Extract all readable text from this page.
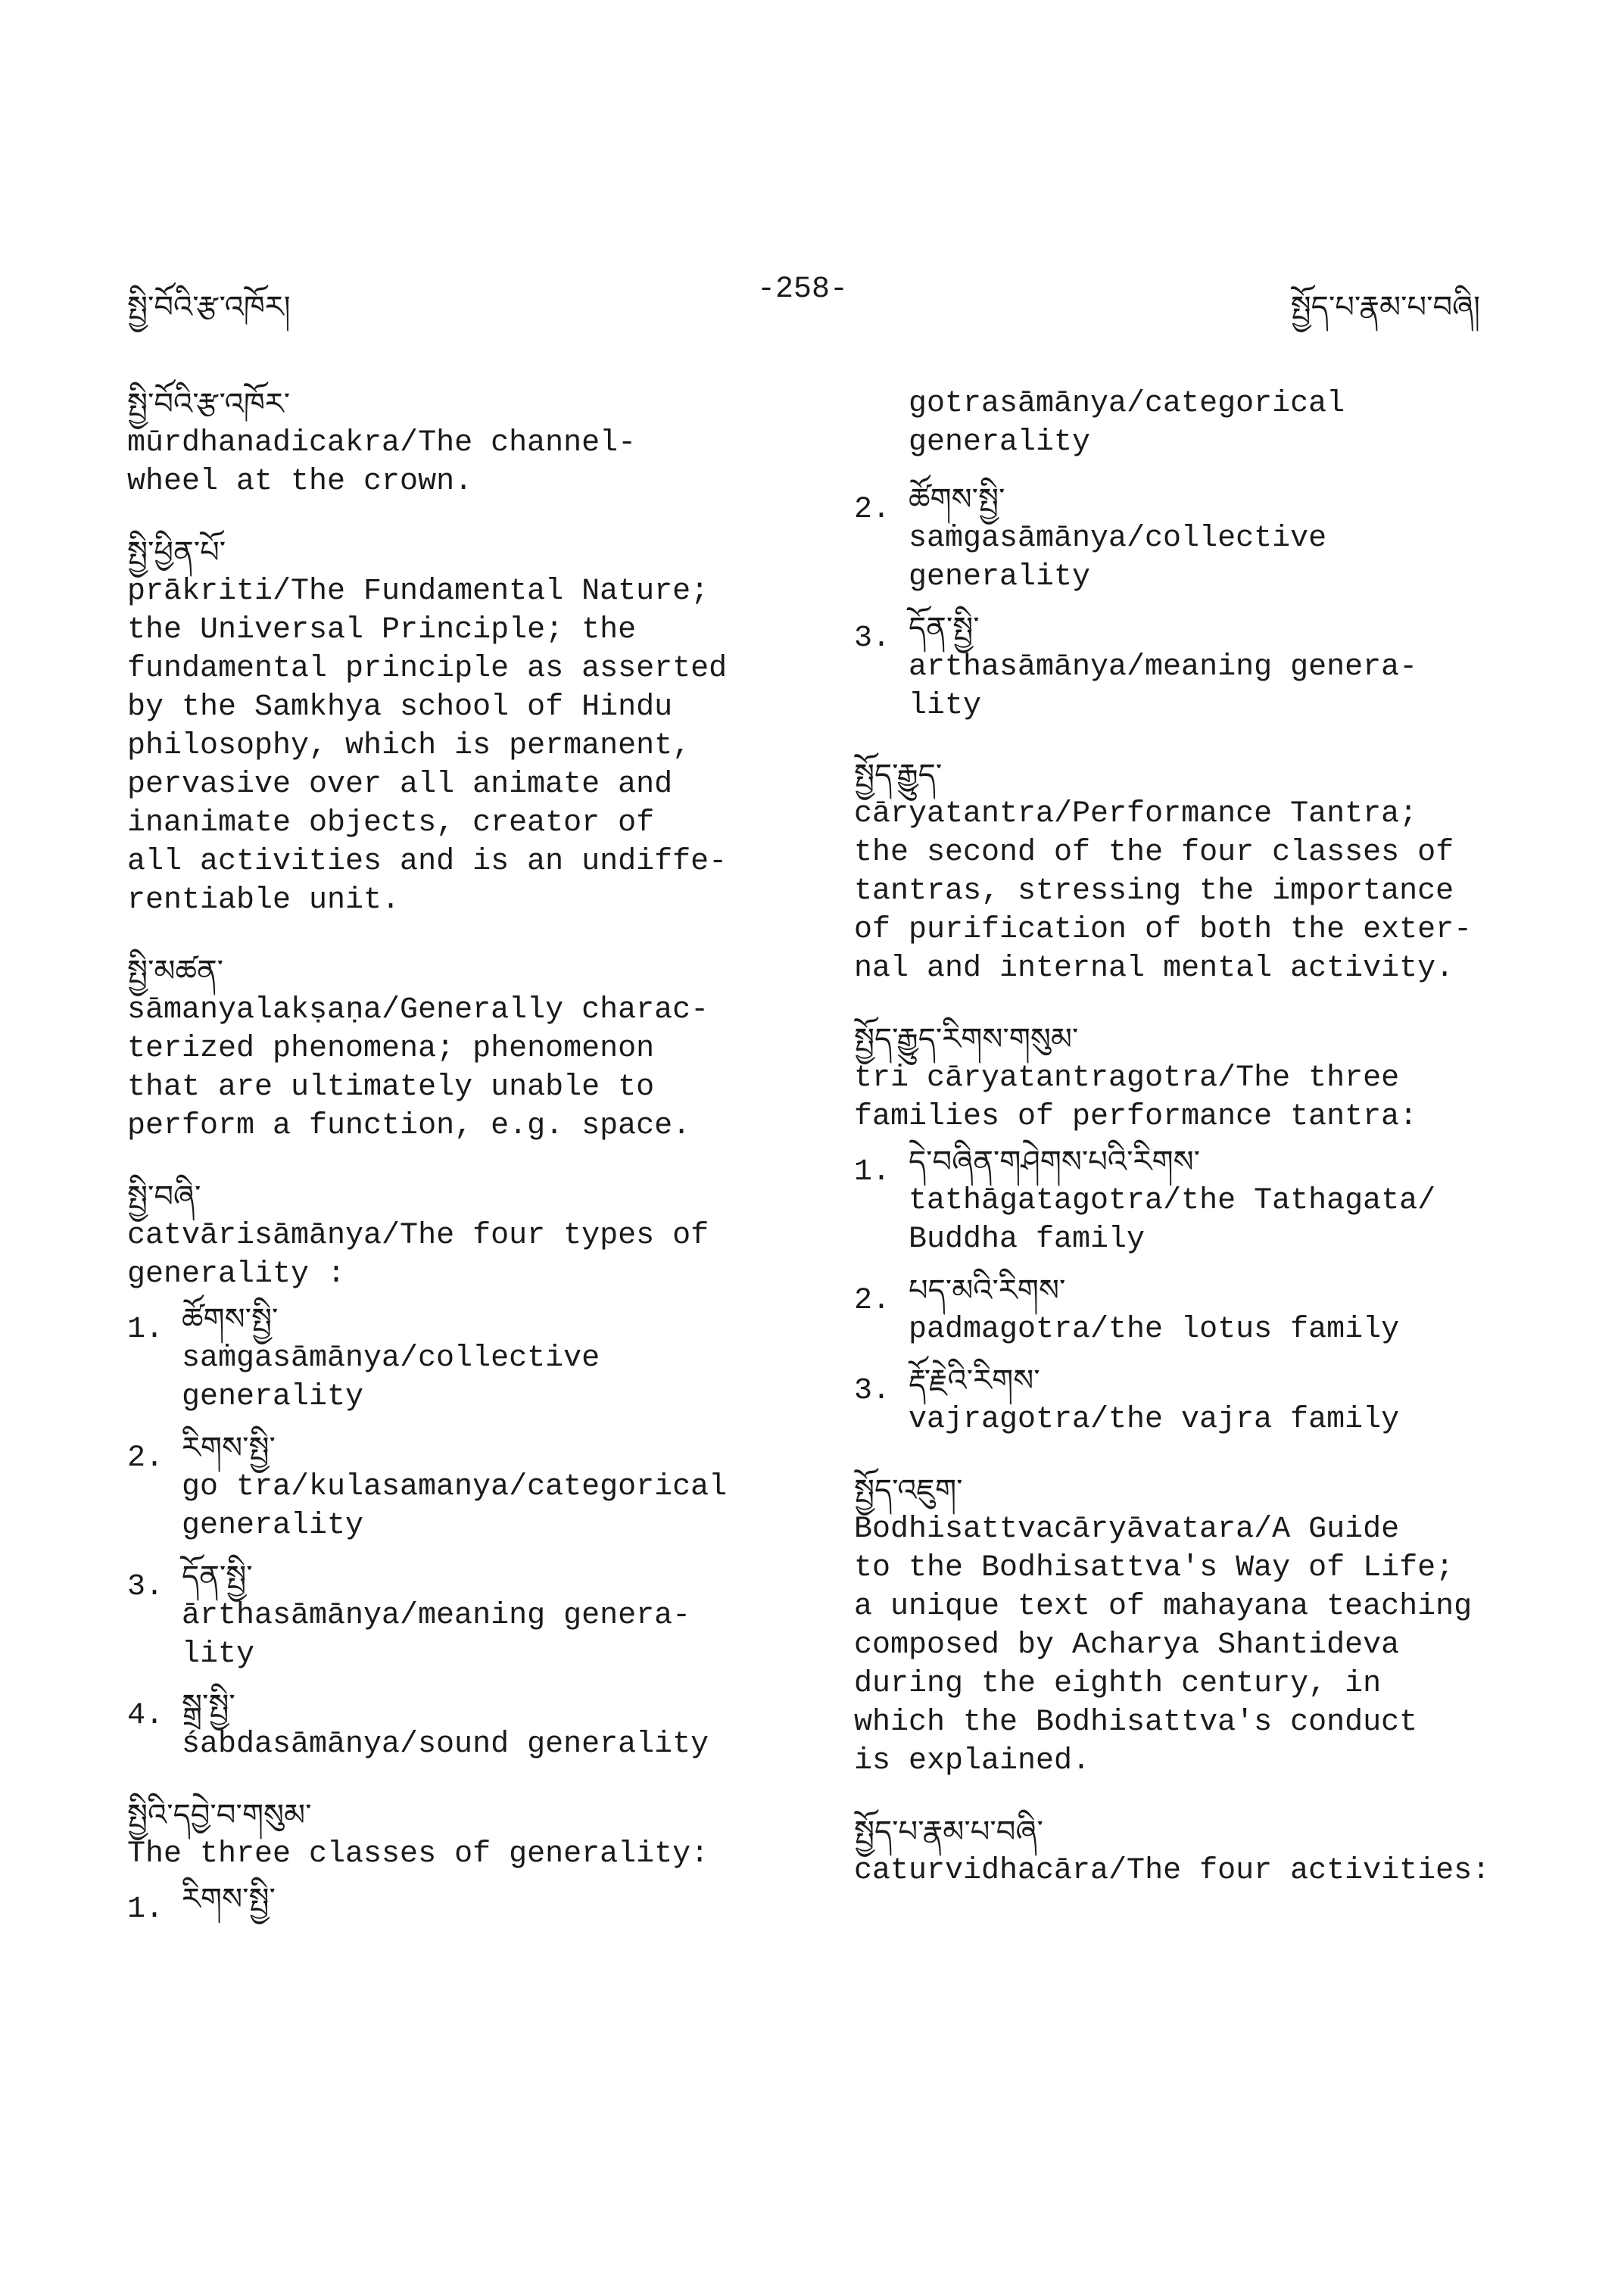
སྤྱི་བོའི་རྩ་འཁོར།
-258-
སྤྱོད་པ་རྣམ་པ་བཞི།
སྤྱི་བོའི་རྩ་འཁོར་
mūrdhanadicakra/The channel-
wheel at the crown.
སྤྱི་ཕྱིན་པོ་
prākriti/The Fundamental Nature;
the Universal Principle; the
fundamental principle as asserted
by the Samkhya school of Hindu
philosophy, which is permanent,
pervasive over all animate and
inanimate objects, creator of
all activities and is an undiffe-
rentiable unit.
སྤྱི་མཚན་
sāmanyalakṣaṇa/Generally charac-
terized phenomena; phenomenon
that are ultimately unable to
perform a function, e.g. space.
སྤྱི་བཞི་
catvārisāmānya/The four types of
generality :
1. ཚོགས་སྤྱི་
saṁgasāmānya/collective
generality
2. རིགས་སྤྱི་
go tra/kulasamanya/categorical
generality
3. དོན་སྤྱི་
ārthasāmānya/meaning genera-
lity
4. སྒྲ་སྤྱི་
śabdasāmānya/sound generality
སྤྱིའི་དབྱེ་བ་གསུམ་
The three classes of generality:
1. རིགས་སྤྱི་
gotrasāmānya/categorical
generality
2. ཚོགས་སྤྱི་
saṁgasāmānya/collective
generality
3. དོན་སྤྱི་
arthasāmānya/meaning genera-
lity
སྤྱོད་རྒྱུད་
cāryatantra/Performance Tantra;
the second of the four classes of
tantras, stressing the importance
of purification of both the exter-
nal and internal mental activity.
སྤྱོད་རྒྱུད་རིགས་གསུམ་
tri cāryatantragotra/The three
families of performance tantra:
1. དེ་བཞིན་གཤེགས་པའི་རིགས་
tathāgatagotra/the Tathagata/
Buddha family
2. པད་མའི་རིགས་
padmagotra/the lotus family
3. རྡོ་རྗེའི་རིགས་
vajragotra/the vajra family
སྤྱོད་འཇུག་
Bodhisattvacāryāvatara/A Guide
to the Bodhisattva's Way of Life;
a unique text of mahayana teaching
composed by Acharya Shantideva
during the eighth century, in
which the Bodhisattva's conduct
is explained.
སྤྱོད་པ་རྣམ་པ་བཞི་
caturvidhacāra/The four activities:
